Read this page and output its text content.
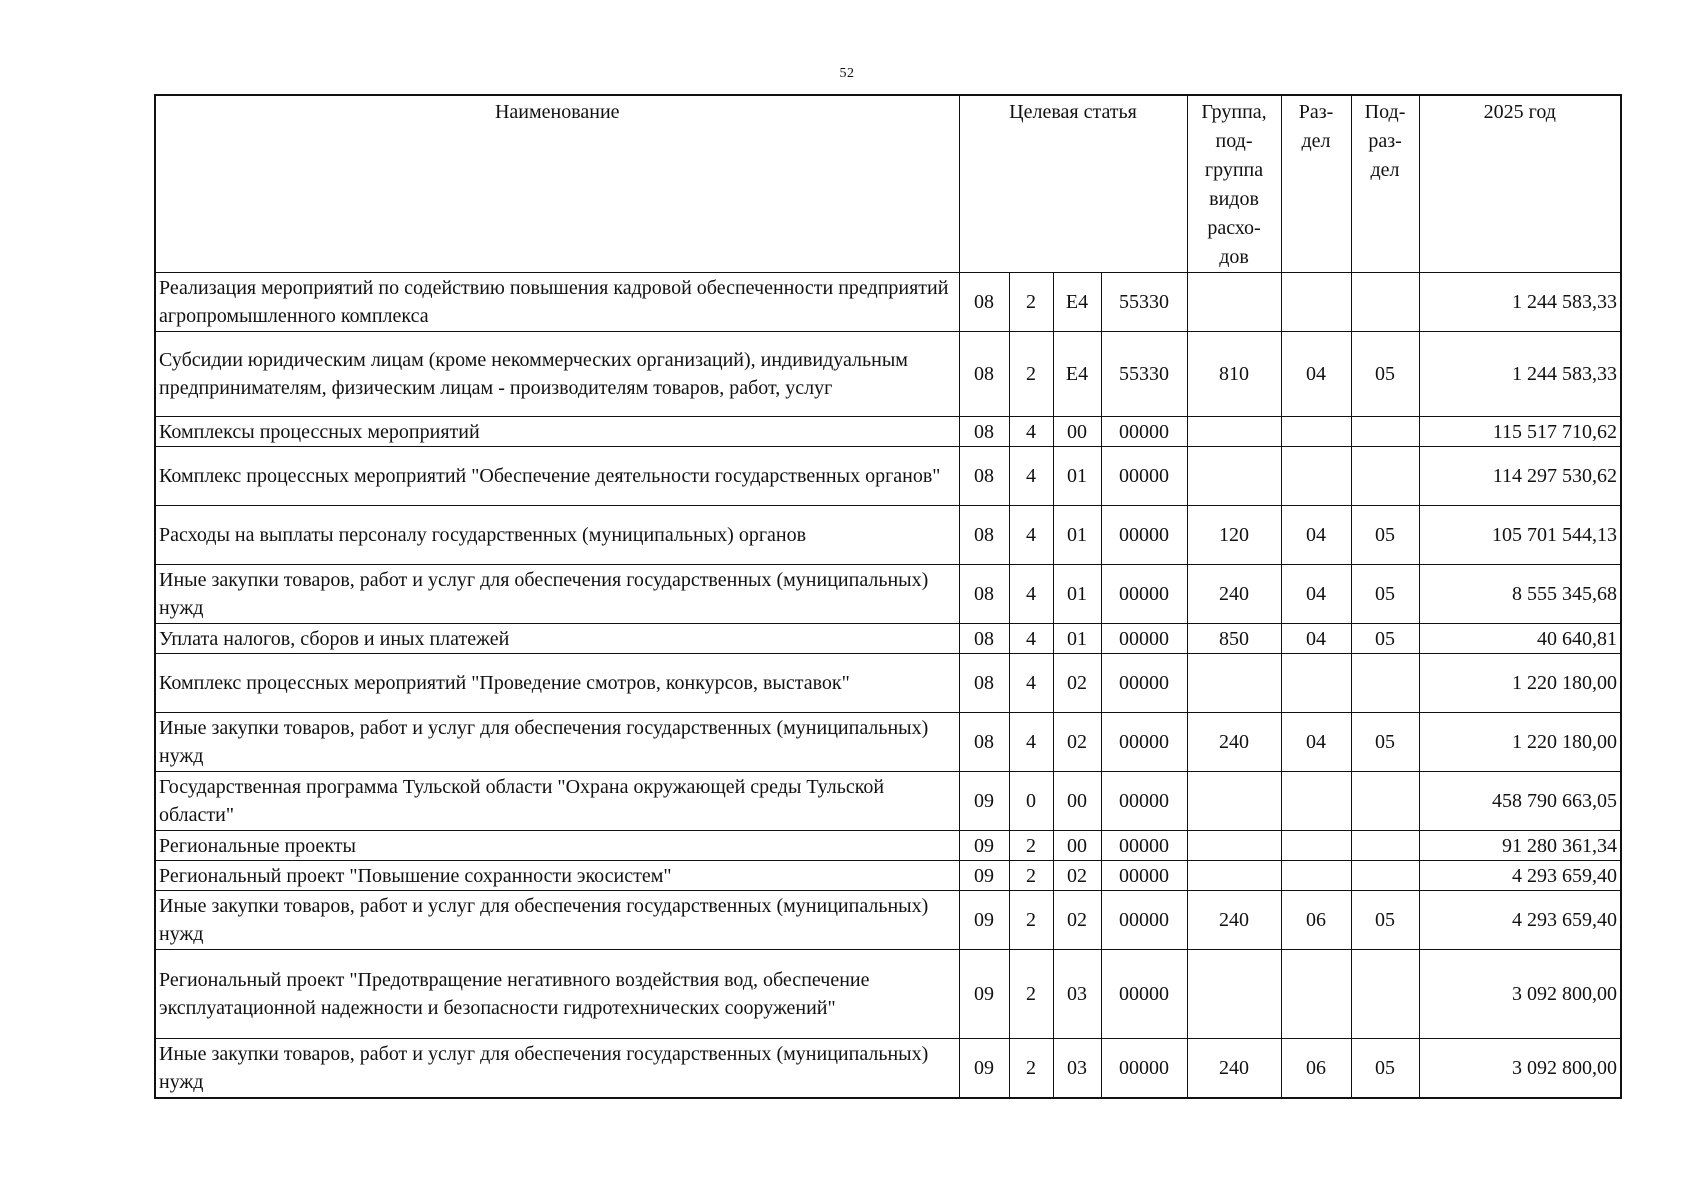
52
Наименование	Целевая статья				Группа, под- группа видов расхо- дов	Раз- дел	Под- раз- дел	2025 год
Реализация мероприятий по содействию повышения кадровой обеспеченности предприятий агропромышленного комплекса	08	2	E4	55330				1 244 583,33
Субсидии юридическим лицам (кроме некоммерческих организаций), индивидуальным предпринимателям, физическим лицам - производителям товаров, работ, услуг	08	2	E4	55330	810	04	05	1 244 583,33
Комплексы процессных мероприятий	08	4	00	00000				115 517 710,62
Комплекс процессных мероприятий "Обеспечение деятельности государственных органов"	08	4	01	00000				114 297 530,62
Расходы на выплаты персоналу государственных (муниципальных) органов	08	4	01	00000	120	04	05	105 701 544,13
Иные закупки товаров, работ и услуг для обеспечения государственных (муниципальных) нужд	08	4	01	00000	240	04	05	8 555 345,68
Уплата налогов, сборов и иных платежей	08	4	01	00000	850	04	05	40 640,81
Комплекс процессных мероприятий "Проведение смотров, конкурсов, выставок"	08	4	02	00000				1 220 180,00
Иные закупки товаров, работ и услуг для обеспечения государственных (муниципальных) нужд	08	4	02	00000	240	04	05	1 220 180,00
Государственная программа Тульской области "Охрана окружающей среды Тульской области"	09	0	00	00000				458 790 663,05
Региональные проекты	09	2	00	00000				91 280 361,34
Региональный проект "Повышение сохранности экосистем"	09	2	02	00000				4 293 659,40
Иные закупки товаров, работ и услуг для обеспечения государственных (муниципальных) нужд	09	2	02	00000	240	06	05	4 293 659,40
Региональный проект "Предотвращение негативного воздействия вод, обеспечение эксплуатационной надежности и безопасности гидротехнических сооружений"	09	2	03	00000				3 092 800,00
Иные закупки товаров, работ и услуг для обеспечения государственных (муниципальных) нужд	09	2	03	00000	240	06	05	3 092 800,00
